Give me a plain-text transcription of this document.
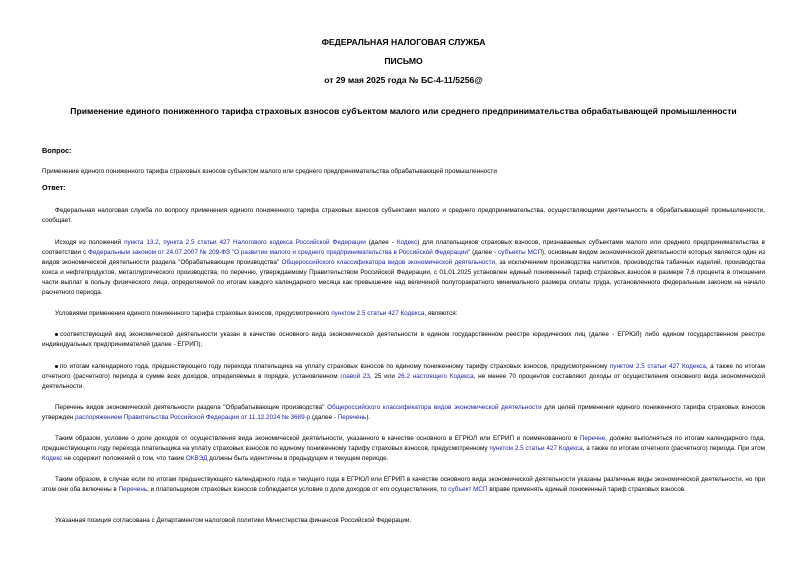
ФЕДЕРАЛЬНАЯ НАЛОГОВАЯ СЛУЖБА
ПИСЬМО
от 29 мая 2025 года № БС-4-11/5256@
Применение единого пониженного тарифа страховых взносов субъектом малого или среднего предпринимательства обрабатывающей промышленности
Вопрос:
Применение единого пониженного тарифа страховых взносов субъектом малого или среднего предпринимательства обрабатывающей промышленности
Ответ:
Федеральная налоговая служба по вопросу применения единого пониженного тарифа страховых взносов субъектами малого и среднего предпринимательства, осуществляющими деятельность в обрабатывающей промышленности, сообщает.
Исходя из положений пункта 13.2, пункта 2.5 статьи 427 Налогового кодекса Российской Федерации (далее - Кодекс) для плательщиков страховых взносов, признаваемых субъектами малого или среднего предпринимательства в соответствии с Федеральным законом от 24.07.2007 № 209-ФЗ "О развитии малого и среднего предпринимательства в Российской Федерации" (далее - субъекты МСП), основным видом экономической деятельности которых является один из видов экономической деятельности раздела "Обрабатывающие производства" Общероссийского классификатора видов экономической деятельности, за исключением производства напитков, производства табачных изделий, производства кокса и нефтепродуктов, металлургического производства, по перечню, утверждаемому Правительством Российской Федерации, с 01.01.2025 установлен единый пониженный тариф страховых взносов в размере 7,6 процента в отношении части выплат в пользу физического лица, определяемой по итогам каждого календарного месяца как превышение над величиной полуторакратного минимального размера оплаты труда, установленного федеральным законом на начало расчетного периода.
Условиями применения единого пониженного тарифа страховых взносов, предусмотренного пунктом 2.5 статьи 427 Кодекса, являются:
соответствующий вид экономической деятельности указан в качестве основного вида экономической деятельности в едином государственном реестре юридических лиц (далее - ЕГРЮЛ) либо едином государственном реестре индивидуальных предпринимателей (далее - ЕГРИП);
по итогам календарного года, предшествующего году перехода плательщика на уплату страховых взносов по единому пониженному тарифу страховых взносов, предусмотренному пунктом 2.5 статьи 427 Кодекса, а также по итогам отчетного (расчетного) периода в сумме всех доходов, определяемых в порядке, установленном главой 23, 25 или 26.2 настоящего Кодекса, не менее 70 процентов составляют доходы от осуществления основного вида экономической деятельности.
Перечень видов экономической деятельности раздела "Обрабатывающие производства" Общероссийского классификатора видов экономической деятельности для целей применения единого пониженного тарифа страховых взносов утвержден распоряжением Правительства Российской Федерации от 11.12.2024 № 3689-р (далее - Перечень).
Таким образом, условие о доле доходов от осуществления вида экономической деятельности, указанного в качестве основного в ЕГРЮЛ или ЕГРИП и поименованного в Перечне, должно выполняться по итогам календарного года, предшествующего году перехода плательщика на уплату страховых взносов по единому пониженному тарифу страховых взносов, предусмотренному пунктом 2.5 статьи 427 Кодекса, а также по итогам отчетного (расчетного) периода. При этом Кодекс не содержит положений о том, что такие ОКВЭД должны быть идентичны в предыдущем и текущем периоде.
Таким образом, в случае если по итогам предшествующего календарного года и текущего года в ЕГРЮЛ или ЕГРИП в качестве основного вида экономической деятельности указаны различные виды экономической деятельности, но при этом они оба включены в Перечень, и плательщиком страховых взносов соблюдается условие о доле доходов от его осуществления, то субъект МСП вправе применять единый пониженный тариф страховых взносов.
Указанная позиция согласована с Департаментом налоговой политики Министерства финансов Российской Федерации.
